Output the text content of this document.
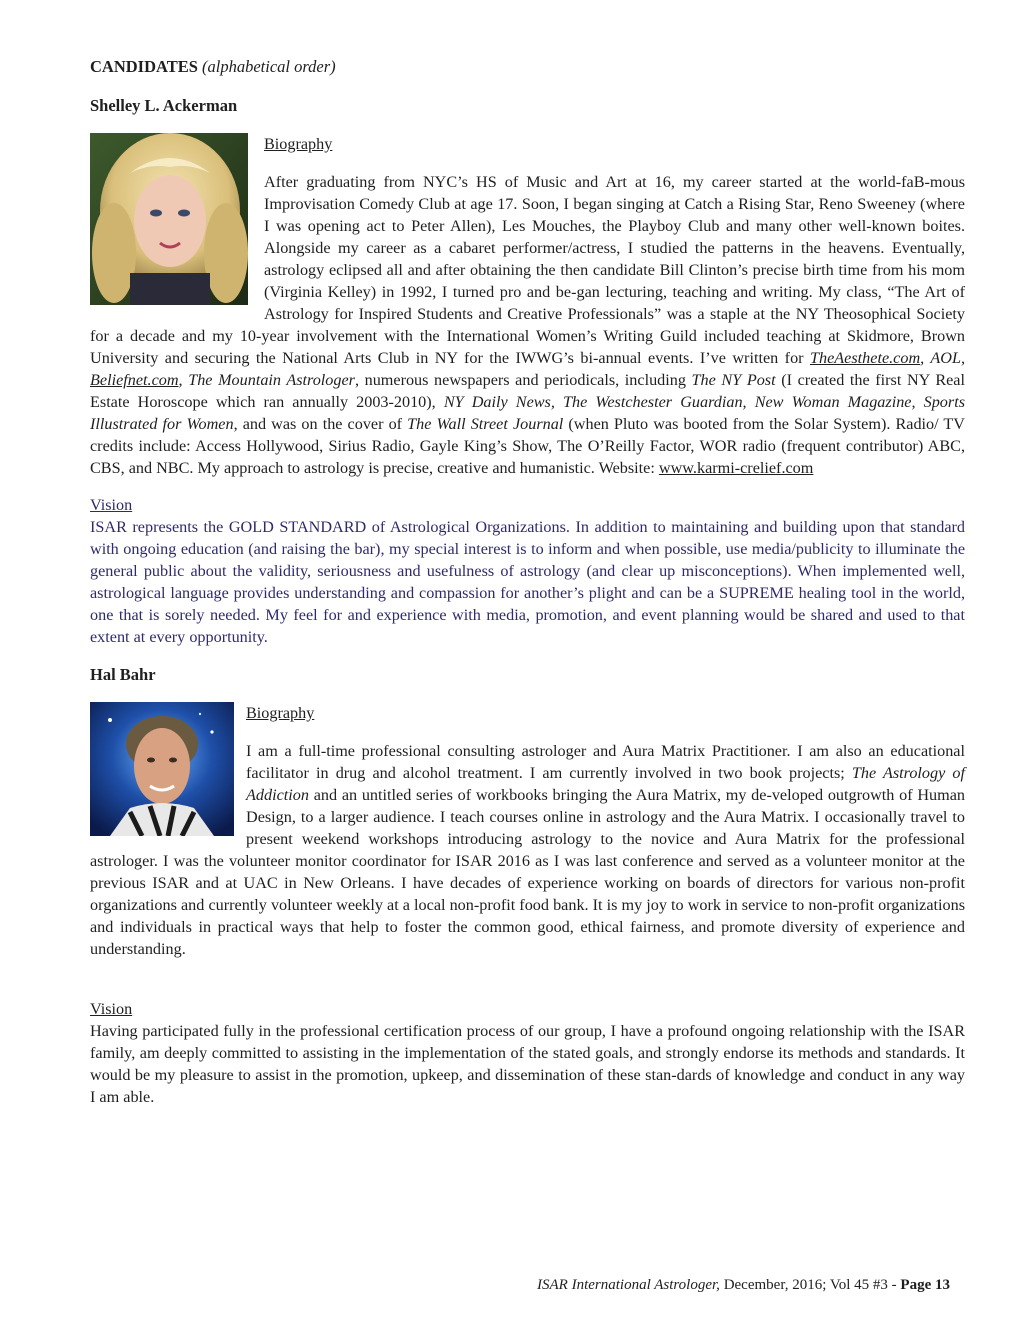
CANDIDATES (alphabetical order)

Shelley L. Ackerman

Biography

After graduating from NYC’s HS of Music and Art at 16, my career started at the world-faB-mous Improvisation Comedy Club at age 17. Soon, I began singing at Catch a Rising Star, Reno Sweeney (where I was opening act to Peter Allen), Les Mouches, the Playboy Club and many other well-known boites. Alongside my career as a cabaret performer/actress, I studied the patterns in the heavens. Eventually, astrology eclipsed all and after obtaining the then candidate Bill Clinton’s precise birth time from his mom (Virginia Kelley) in 1992, I turned pro and be-gan lecturing, teaching and writing. My class, “The Art of Astrology for Inspired Students and Creative Professionals” was a staple at the NY Theosophical Society for a decade and my 10-year involvement with the International Women’s Writing Guild included teaching at Skidmore, Brown University and securing the National Arts Club in NY for the IWWG’s bi-annual events. I’ve written for TheAesthete.com, AOL, Beliefnet.com, The Mountain Astrologer, numerous newspapers and periodicals, including The NY Post (I created the first NY Real Estate Horoscope which ran annually 2003-2010), NY Daily News, The Westchester Guardian, New Woman Magazine, Sports Illustrated for Women, and was on the cover of The Wall Street Journal (when Pluto was booted from the Solar System). Radio/ TV credits include: Access Hollywood, Sirius Radio, Gayle King’s Show, The O’Reilly Factor, WOR radio (frequent contributor) ABC, CBS, and NBC. My approach to astrology is precise, creative and humanistic. Website: www.karmi-crelief.com

Vision

ISAR represents the GOLD STANDARD of Astrological Organizations. In addition to maintaining and building upon that standard with ongoing education (and raising the bar), my special interest is to inform and when possible, use media/publicity to illuminate the general public about the validity, seriousness and usefulness of astrology (and clear up misconceptions). When implemented well, astrological language provides understanding and compassion for another’s plight and can be a SUPREME healing tool in the world, one that is sorely needed. My feel for and experience with media, promotion, and event planning would be shared and used to that extent at every opportunity.

Hal Bahr

Biography

I am a full-time professional consulting astrologer and Aura Matrix Practitioner. I am also an educational facilitator in drug and alcohol treatment. I am currently involved in two book projects; The Astrology of Addiction and an untitled series of workbooks bringing the Aura Matrix, my de-veloped outgrowth of Human Design, to a larger audience. I teach courses online in astrology and the Aura Matrix. I occasionally travel to present weekend workshops introducing astrology to the novice and Aura Matrix for the professional astrologer. I was the volunteer monitor coordinator for ISAR 2016 as I was last conference and served as a volunteer monitor at the previous ISAR and at UAC in New Orleans. I have decades of experience working on boards of directors for various non-profit organizations and currently volunteer weekly at a local non-profit food bank. It is my joy to work in service to non-profit organizations and individuals in practical ways that help to foster the common good, ethical fairness, and promote diversity of experience and understanding.

Vision

Having participated fully in the professional certification process of our group, I have a profound ongoing relationship with the ISAR family, am deeply committed to assisting in the implementation of the stated goals, and strongly endorse its methods and standards. It would be my pleasure to assist in the promotion, upkeep, and dissemination of these stan-dards of knowledge and conduct in any way I am able.

ISAR International Astrologer, December, 2016; Vol 45 #3 - Page 13
